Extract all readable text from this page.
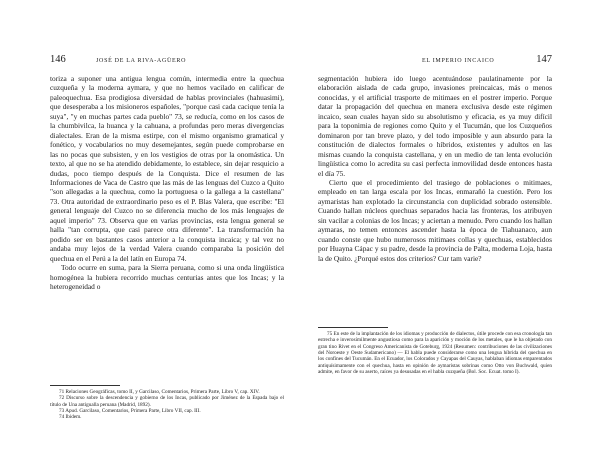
146	JOSÉ DE LA RIVA-AGÜERO

toriza a suponer una antigua lengua común, intermedia entre la quechua cuzqueña y la moderna aymara, y que no hemos vacilado en calificar de paleoquechua. Esa prodigiosa diversidad de hablas provinciales (hahuasimi), que desesperaba a los misioneros españoles, "porque casi cada cacique tenía la suya", "y en muchas partes cada pueblo" 73, se reducía, como en los casos de la chumbivilca, la huanca y la cahuana, a profundas pero meras divergencias dialectales. Eran de la misma estirpe, con el mismo organismo gramatical y fonético, y vocabularios no muy desemejantes, según puede comprobarse en las no pocas que subsisten, y en los vestigios de otras por la onomástica. Un texto, al que no se ha atendido debidamente, lo establece, sin dejar resquicio a dudas, poco tiempo después de la Conquista. Dice el resumen de las Informaciones de Vaca de Castro que las más de las lenguas del Cuzco a Quito "son allegadas a la quechua, como la portuguesa o la gallega a la castellana" 73. Otra autoridad de extraordinario peso es el P. Blas Valera, que escribe: "El general lenguaje del Cuzco no se diferencia mucho de los más lenguajes de aquel imperio" 73. Observa que en varias provincias, esta lengua general se halla "tan corrupta, que casi parece otra diferente". La transformación ha podido ser en bastantes casos anterior a la conquista incaica; y tal vez no andaba muy lejos de la verdad Valera cuando comparaba la posición del quechua en el Perú a la del latín en Europa 74.

Todo ocurre en suma, para la Sierra peruana, como si una onda lingüística homogénea la hubiera recorrido muchas centurias antes que los Incas; y la heterogeneidad o

71 Relaciones Geográficas, tomo II, y Garcilaso, Comentarios, Primera Parte, Libro V, cap. XIV.

72 Discurso sobre la descendencia y gobierno de los Incas, publicado por Jiménez de la Espada bajo el título de Una antigualla peruana (Madrid, 1892).

73 Apud. Garcilaso, Comentarios, Primera Parte, Libro VII, cap. III.

74 Ibidem.

EL IMPERIO INCAICO	147

segmentación hubiera ido luego acentuándose paulatinamente por la elaboración aislada de cada grupo, invasiones preincaicas, más o menos conocidas, y el artificial trasporte de mitimaes en el postrer imperio. Porque datar la propagación del quechua en manera exclusiva desde este régimen incaico, sean cuales hayan sido su absolutismo y eficacia, es ya muy difícil para la toponimia de regiones como Quito y el Tucumán, que los Cuzqueños dominaron por tan breve plazo, y del todo imposible y aun absurdo para la constitución de dialectos formales o híbridos, existentes y adultos en las mismas cuando la conquista castellana, y en un medio de tan lenta evolución lingüística como lo acredita su casi perfecta inmovilidad desde entonces hasta el día 75.

Cierto que el procedimiento del trasiego de poblaciones o mitimaes, empleado en tan larga escala por los Incas, enmarañó la cuestión. Pero los aymaristas han explotado la circunstancia con duplicidad sobrado ostensible. Cuando hallan núcleos quechuas separados hacia las fronteras, los atribuyen sin vacilar a colonias de los Incas; y aciertan a menudo. Pero cuando los hallan aymaras, no temen entonces ascender hasta la época de Tiahuanaco, aun cuando conste que hubo numerosos mitimaes collas y quechuas, establecidos por Huayna Cápac y su padre, desde la provincia de Palta, moderna Loja, hasta la de Quito. ¿Porqué estos dos criterios? Cur tam varie?

75 En este de la implantación de los idiomas y producción de dialectos, útile procede con esa cronología tan estrecha e inverosímilmente angustiosa como para la aparición y moción de los metales, que le ha objetado con gran tino Rivet en el Congreso Americanista de Goteburg, 1924 (Resumen: contribuciones de las civilizaciones del Noroeste y Oeste Sudamericano) — El habla puede considerarse como una lengua híbrida del quechua en los confines del Tucumán. En el Ecuador, los Colorados y Cayapas del Cauyas, hablaban idiomas emparentados antiquísimamente con el quechua, hasta en opinión de aymaristas sobrinas como Otto von Buchwald, quien admite, en favor de su aserto, raíces ya desusadas en el habla cuzqueña (Bol. Soc. Ecuat. tomo I).
